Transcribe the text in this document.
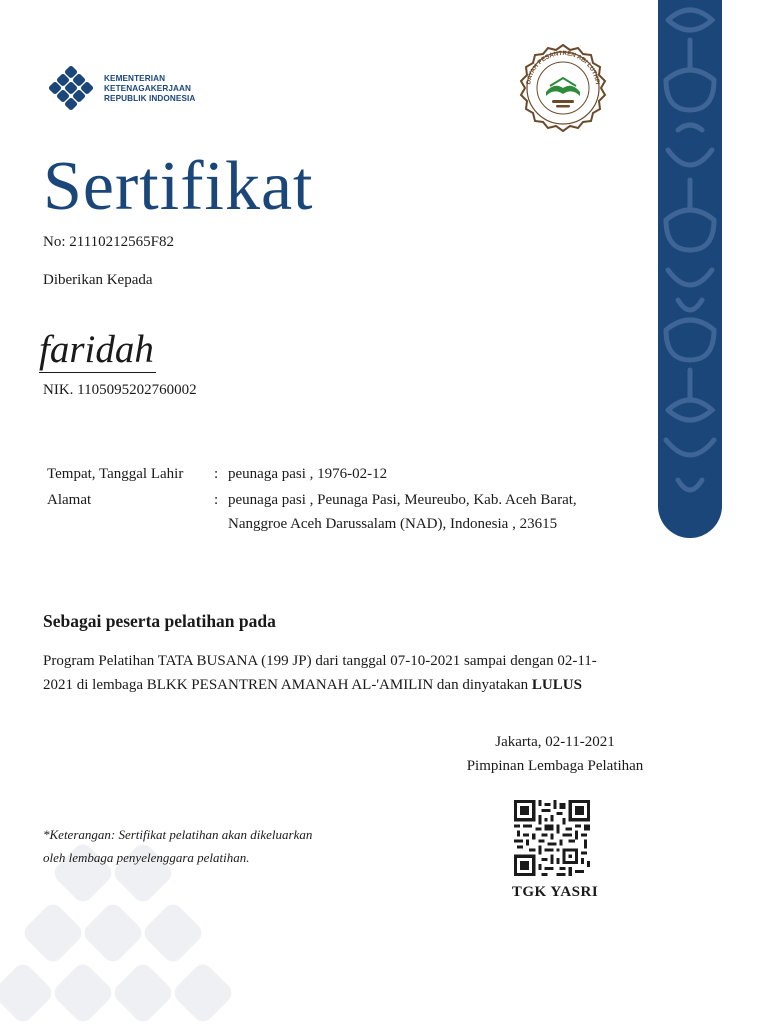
KEMENTERIAN
KETENAGAKERJAAN
REPUBLIK INDONESIA
DAYAH PESANTREN ABI LUTHFI
Sertifikat
No: 21110212565F82
Diberikan Kepada
faridah
NIK. 1105095202760002
Tempat, Tanggal Lahir	: peunaga pasi , 1976-02-12
Alamat	: peunaga pasi , Peunaga Pasi, Meureubo, Kab. Aceh Barat, Nanggroe Aceh Darussalam (NAD), Indonesia , 23615
Sebagai peserta pelatihan pada
Program Pelatihan TATA BUSANA (199 JP) dari tanggal 07-10-2021 sampai dengan 02-11-2021 di lembaga BLKK PESANTREN AMANAH AL-'AMILIN dan dinyatakan LULUS
Jakarta, 02-11-2021
Pimpinan Lembaga Pelatihan
TGK YASRI
*Keterangan: Sertifikat pelatihan akan dikeluarkan
oleh lembaga penyelenggara pelatihan.
